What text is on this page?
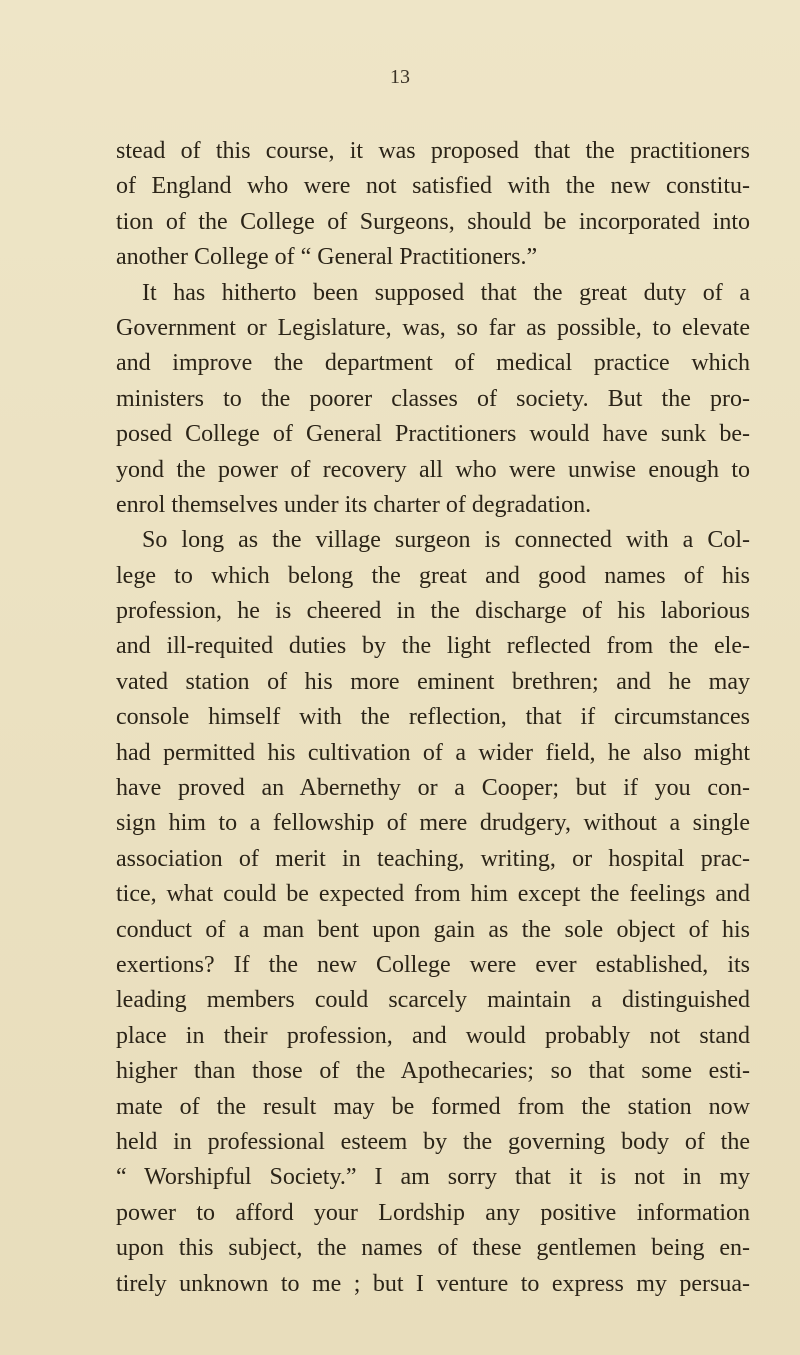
13
stead of this course, it was proposed that the practitioners
of England who were not satisfied with the new constitu-
tion of the College of Surgeons, should be incorporated into
another College of “ General Practitioners.”
It has hitherto been supposed that the great duty of a
Government or Legislature, was, so far as possible, to elevate
and improve the department of medical practice which
ministers to the poorer classes of society. But the pro-
posed College of General Practitioners would have sunk be-
yond the power of recovery all who were unwise enough to
enrol themselves under its charter of degradation.
So long as the village surgeon is connected with a Col-
lege to which belong the great and good names of his
profession, he is cheered in the discharge of his laborious
and ill-requited duties by the light reflected from the ele-
vated station of his more eminent brethren; and he may
console himself with the reflection, that if circumstances
had permitted his cultivation of a wider field, he also might
have proved an Abernethy or a Cooper; but if you con-
sign him to a fellowship of mere drudgery, without a single
association of merit in teaching, writing, or hospital prac-
tice, what could be expected from him except the feelings and
conduct of a man bent upon gain as the sole object of his
exertions? If the new College were ever established, its
leading members could scarcely maintain a distinguished
place in their profession, and would probably not stand
higher than those of the Apothecaries; so that some esti-
mate of the result may be formed from the station now
held in professional esteem by the governing body of the
“ Worshipful Society.” I am sorry that it is not in my
power to afford your Lordship any positive information
upon this subject, the names of these gentlemen being en-
tirely unknown to me ; but I venture to express my persua-
